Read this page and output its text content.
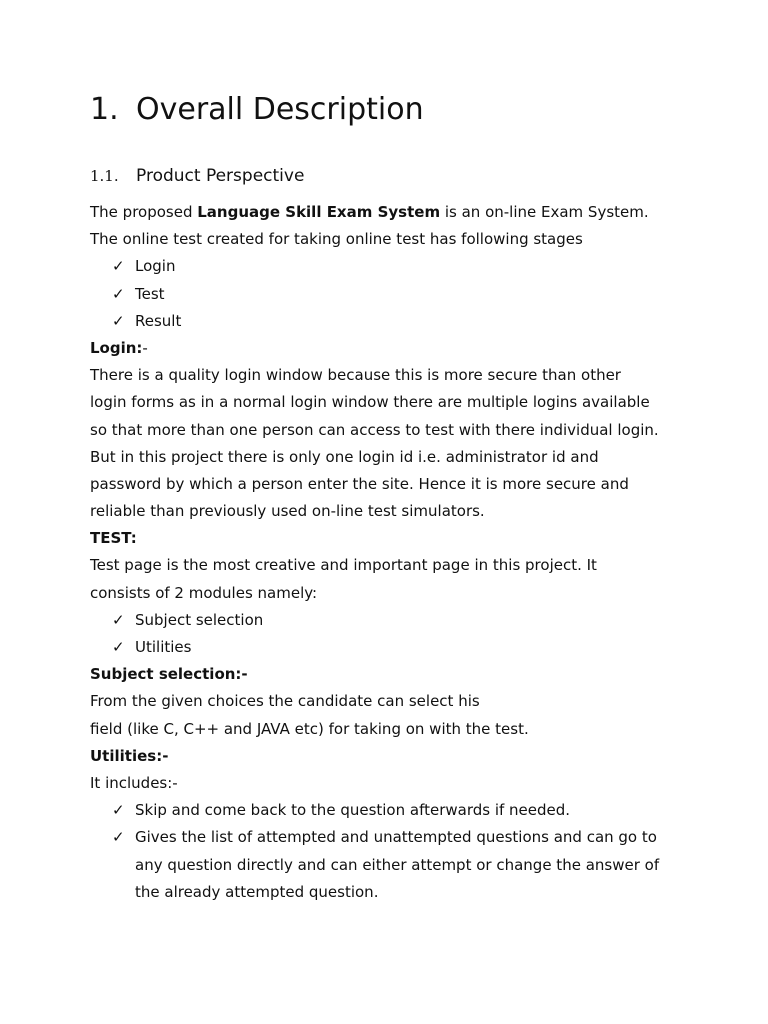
1. Overall Description
1.1. Product Perspective
The proposed Language Skill Exam System is an on-line Exam System.
The online test created for taking online test has following stages
✓ Login
✓ Test
✓ Result
Login:-
There is a quality login window because this is more secure than other
login forms as in a normal login window there are multiple logins available
so that more than one person can access to test with there individual login.
But in this project there is only one login id i.e. administrator id and
password by which a person enter the site. Hence it is more secure and
reliable than previously used on-line test simulators.
TEST:
Test page is the most creative and important page in this project. It
consists of 2 modules namely:
✓ Subject selection
✓ Utilities
Subject selection:-
From the given choices the candidate can select his
field (like C, C++ and JAVA etc) for taking on with the test.
Utilities:-
It includes:-
✓ Skip and come back to the question afterwards if needed.
✓ Gives the list of attempted and unattempted questions and can go to
any question directly and can either attempt or change the answer of
the already attempted question.
